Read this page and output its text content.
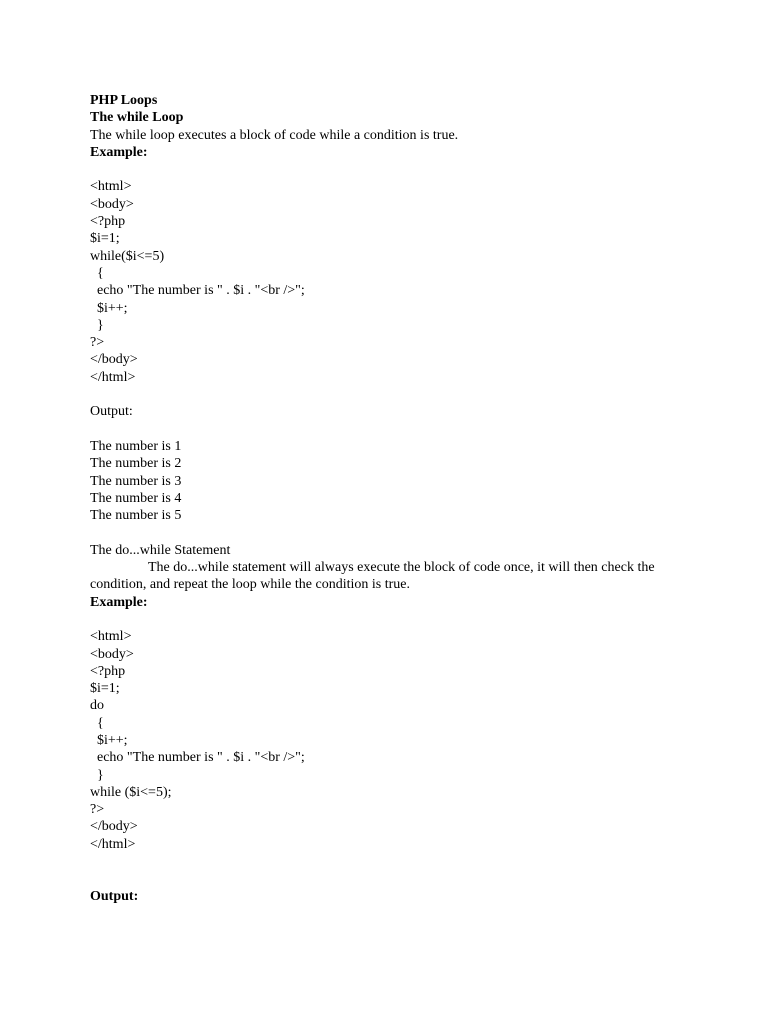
PHP Loops
The while Loop
The while loop executes a block of code while a condition is true.
Example:
<html>
<body>
<?php
$i=1;
while($i<=5)
{
echo "The number is " . $i . "<br />";
$i++;
}
?>
</body>
</html>
Output:
The number is 1
The number is 2
The number is 3
The number is 4
The number is 5
The do...while Statement
The do...while statement will always execute the block of code once, it will then check the condition, and repeat the loop while the condition is true.
Example:
<html>
<body>
<?php
$i=1;
do
{
$i++;
echo "The number is " . $i . "<br />";
}
while ($i<=5);
?>
</body>
</html>
Output:
